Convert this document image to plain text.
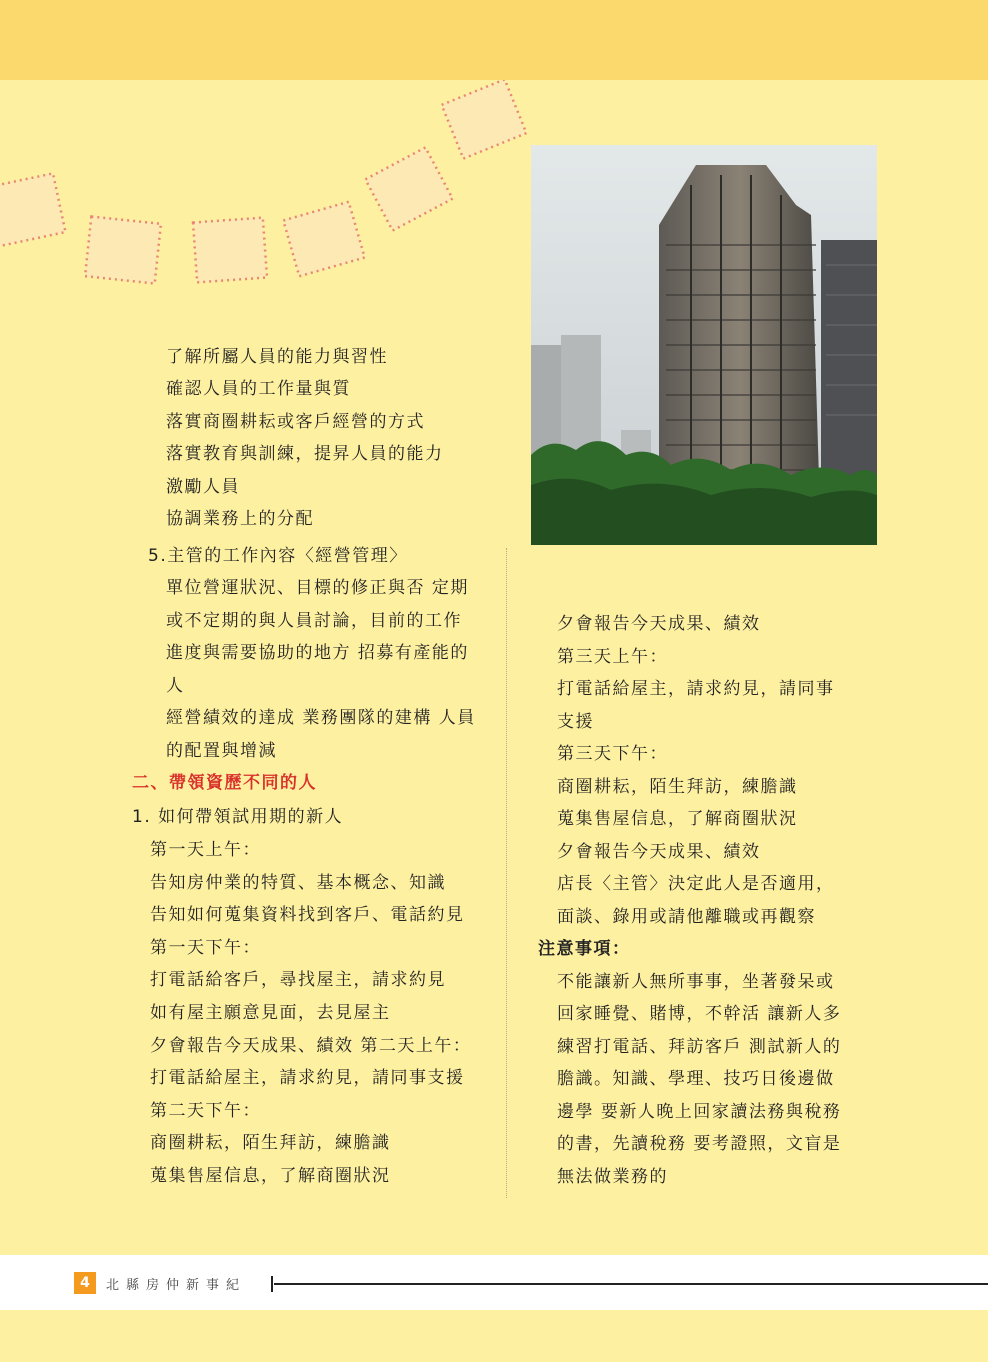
了解所屬人員的能力與習性
確認人員的工作量與質
落實商圈耕耘或客戶經營的方式
落實教育與訓練，提昇人員的能力
激勵人員
協調業務上的分配
5.主管的工作內容〈經營管理〉
單位營運狀況、目標的修正與否 定期
或不定期的與人員討論，目前的工作
進度與需要協助的地方 招募有產能的
人
經營績效的達成 業務團隊的建構 人員
的配置與增減
二、帶領資歷不同的人
1. 如何帶領試用期的新人
第一天上午：
告知房仲業的特質、基本概念、知識
告知如何蒐集資料找到客戶、電話約見
第一天下午：
打電話給客戶，尋找屋主，請求約見
如有屋主願意見面，去見屋主
夕會報告今天成果、績效 第二天上午：
打電話給屋主，請求約見，請同事支援
第二天下午：
商圈耕耘，陌生拜訪，練膽識
蒐集售屋信息，了解商圈狀況
夕會報告今天成果、績效
第三天上午：
打電話給屋主，請求約見，請同事
支援
第三天下午：
商圈耕耘，陌生拜訪，練膽識
蒐集售屋信息，了解商圈狀況
夕會報告今天成果、績效
店長〈主管〉決定此人是否適用，
面談、錄用或請他離職或再觀察
注意事項：
不能讓新人無所事事，坐著發呆或
回家睡覺、賭博，不幹活 讓新人多
練習打電話、拜訪客戶 測試新人的
膽識。知識、學理、技巧日後邊做
邊學 要新人晚上回家讀法務與稅務
的書，先讀稅務 要考證照，文盲是
無法做業務的
4	北縣房仲新事紀
